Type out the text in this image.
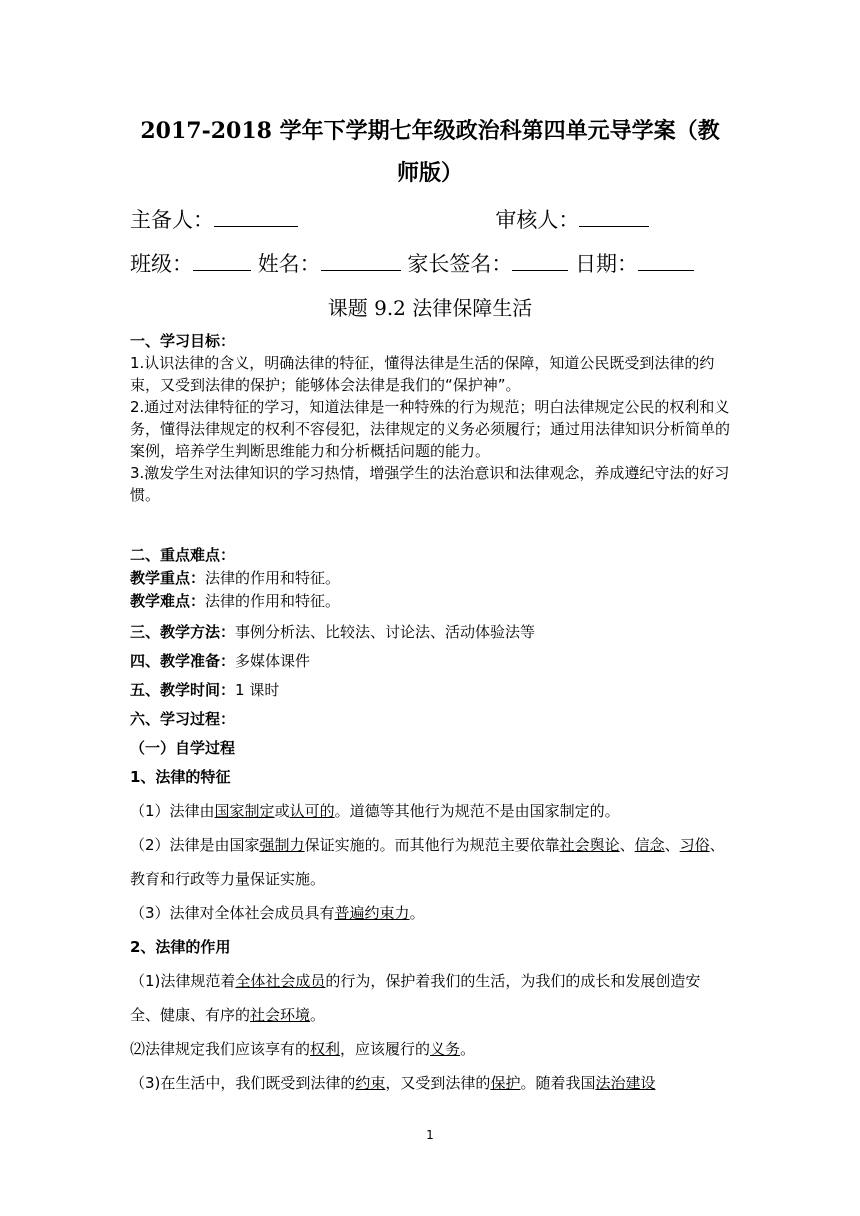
2017-2018 学年下学期七年级政治科第四单元导学案（教
师版）
主备人：	审核人：
班级：	姓名：	家长签名：	日期：
课题 9.2 法律保障生活

一、学习目标：

1.认识法律的含义，明确法律的特征，懂得法律是生活的保障，知道公民既受到法律的约束，又受到法律的保护；能够体会法律是我们的“保护神”。

2.通过对法律特征的学习，知道法律是一种特殊的行为规范；明白法律规定公民的权利和义务，懂得法律规定的权利不容侵犯，法律规定的义务必须履行；通过用法律知识分析简单的案例，培养学生判断思维能力和分析概括问题的能力。

3.激发学生对法律知识的学习热情，增强学生的法治意识和法律观念，养成遵纪守法的好习惯。

二、重点难点：

教学重点：法律的作用和特征。

教学难点：法律的作用和特征。

三、教学方法：事例分析法、比较法、讨论法、活动体验法等

四、教学准备：多媒体课件

五、教学时间：1 课时

六、学习过程：

（一）自学过程

1、法律的特征

（1）法律由国家制定或认可的。道德等其他行为规范不是由国家制定的。

（2）法律是由国家强制力保证实施的。而其他行为规范主要依靠社会舆论、信念、习俗、教育和行政等力量保证实施。

（3）法律对全体社会成员具有普遍约束力。

2、法律的作用

（1)法律规范着全体社会成员的行为，保护着我们的生活，为我们的成长和发展创造安全、健康、有序的社会环境。

⑵法律规定我们应该享有的权利，应该履行的义务。

（3)在生活中，我们既受到法律的约束，又受到法律的保护。随着我国法治建设

1
